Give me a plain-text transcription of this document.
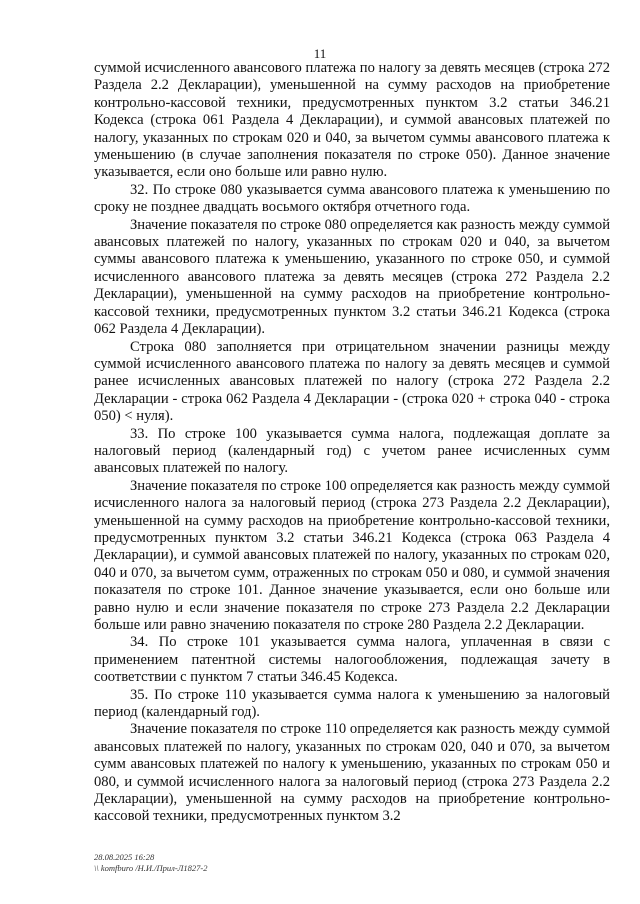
11

суммой исчисленного авансового платежа по налогу за девять месяцев (строка 272 Раздела 2.2 Декларации), уменьшенной на сумму расходов на приобретение контрольно-кассовой техники, предусмотренных пунктом 3.2 статьи 346.21 Кодекса (строка 061 Раздела 4 Декларации), и суммой авансовых платежей по налогу, указанных по строкам 020 и 040, за вычетом суммы авансового платежа к уменьшению (в случае заполнения показателя по строке 050). Данное значение указывается, если оно больше или равно нулю.

32. По строке 080 указывается сумма авансового платежа к уменьшению по сроку не позднее двадцать восьмого октября отчетного года.

Значение показателя по строке 080 определяется как разность между суммой авансовых платежей по налогу, указанных по строкам 020 и 040, за вычетом суммы авансового платежа к уменьшению, указанного по строке 050, и суммой исчисленного авансового платежа за девять месяцев (строка 272 Раздела 2.2 Декларации), уменьшенной на сумму расходов на приобретение контрольно-кассовой техники, предусмотренных пунктом 3.2 статьи 346.21 Кодекса (строка 062 Раздела 4 Декларации).

Строка 080 заполняется при отрицательном значении разницы между суммой исчисленного авансового платежа по налогу за девять месяцев и суммой ранее исчисленных авансовых платежей по налогу (строка 272 Раздела 2.2 Декларации - строка 062 Раздела 4 Декларации - (строка 020 + строка 040 - строка 050) < нуля).

33. По строке 100 указывается сумма налога, подлежащая доплате за налоговый период (календарный год) с учетом ранее исчисленных сумм авансовых платежей по налогу.

Значение показателя по строке 100 определяется как разность между суммой исчисленного налога за налоговый период (строка 273 Раздела 2.2 Декларации), уменьшенной на сумму расходов на приобретение контрольно-кассовой техники, предусмотренных пунктом 3.2 статьи 346.21 Кодекса (строка 063 Раздела 4 Декларации), и суммой авансовых платежей по налогу, указанных по строкам 020, 040 и 070, за вычетом сумм, отраженных по строкам 050 и 080, и суммой значения показателя по строке 101. Данное значение указывается, если оно больше или равно нулю и если значение показателя по строке 273 Раздела 2.2 Декларации больше или равно значению показателя по строке 280 Раздела 2.2 Декларации.

34. По строке 101 указывается сумма налога, уплаченная в связи с применением патентной системы налогообложения, подлежащая зачету в соответствии с пунктом 7 статьи 346.45 Кодекса.

35. По строке 110 указывается сумма налога к уменьшению за налоговый период (календарный год).

Значение показателя по строке 110 определяется как разность между суммой авансовых платежей по налогу, указанных по строкам 020, 040 и 070, за вычетом сумм авансовых платежей по налогу к уменьшению, указанных по строкам 050 и 080, и суммой исчисленного налога за налоговый период (строка 273 Раздела 2.2 Декларации), уменьшенной на сумму расходов на приобретение контрольно-кассовой техники, предусмотренных пунктом 3.2

28.08.2025 16:28
\\ komfburo /Н.И./Прил-Л1827-2
